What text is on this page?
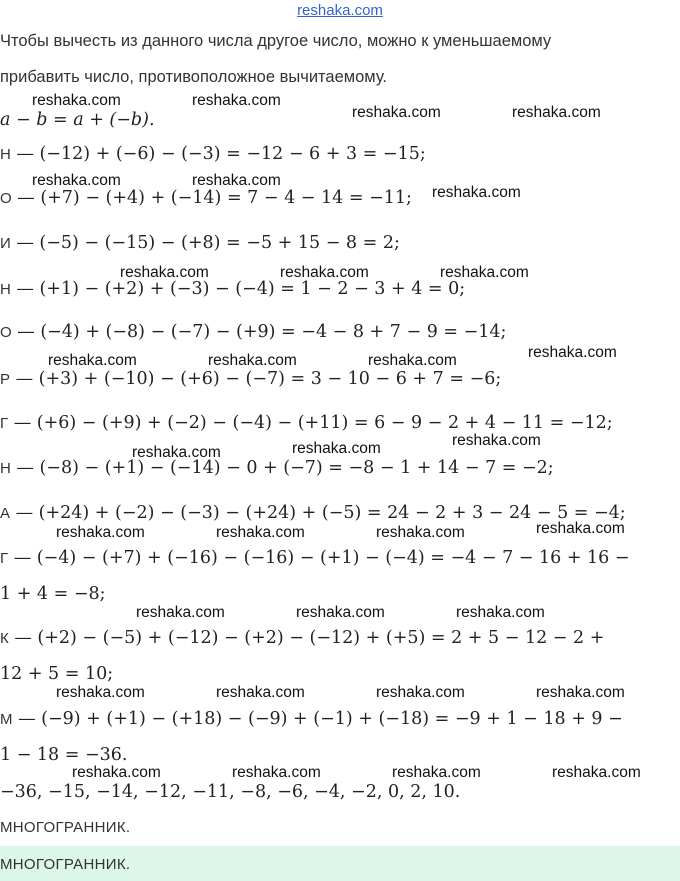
reshaka.com
Чтобы вычесть из данного числа другое число, можно к уменьшаемому
прибавить число, противоположное вычитаемому.
a − b = a + (−b).
Н — (−12) + (−6) − (−3) = −12 − 6 + 3 = −15;
О — (+7) − (+4) + (−14) = 7 − 4 − 14 = −11;
И — (−5) − (−15) − (+8) = −5 + 15 − 8 = 2;
Н — (+1) − (+2) + (−3) − (−4) = 1 − 2 − 3 + 4 = 0;
О — (−4) + (−8) − (−7) − (+9) = −4 − 8 + 7 − 9 = −14;
Р — (+3) + (−10) − (+6) − (−7) = 3 − 10 − 6 + 7 = −6;
Г — (+6) − (+9) + (−2) − (−4) − (+11) = 6 − 9 − 2 + 4 − 11 = −12;
Н — (−8) − (+1) − (−14) − 0 + (−7) = −8 − 1 + 14 − 7 = −2;
А — (+24) + (−2) − (−3) − (+24) + (−5) = 24 − 2 + 3 − 24 − 5 = −4;
Г — (−4) − (+7) + (−16) − (−16) − (+1) − (−4) = −4 − 7 − 16 + 16 −
1 + 4 = −8;
К — (+2) − (−5) + (−12) − (+2) − (−12) + (+5) = 2 + 5 − 12 − 2 +
12 + 5 = 10;
М — (−9) + (+1) − (+18) − (−9) + (−1) + (−18) = −9 + 1 − 18 + 9 −
1 − 18 = −36.
−36, −15, −14, −12, −11, −8, −6, −4, −2, 0, 2, 10.
МНОГОГРАННИК.
МНОГОГРАННИК.
reshaka.com	reshaka.com
reshaka.com	reshaka.com
reshaka.com	reshaka.com
reshaka.com
reshaka.com	reshaka.com	reshaka.com
reshaka.com	reshaka.com	reshaka.com	reshaka.com
reshaka.com
reshaka.com
reshaka.com
reshaka.com	reshaka.com	reshaka.com	reshaka.com
reshaka.com	reshaka.com	reshaka.com
reshaka.com	reshaka.com	reshaka.com	reshaka.com
reshaka.com	reshaka.com	reshaka.com	reshaka.com
